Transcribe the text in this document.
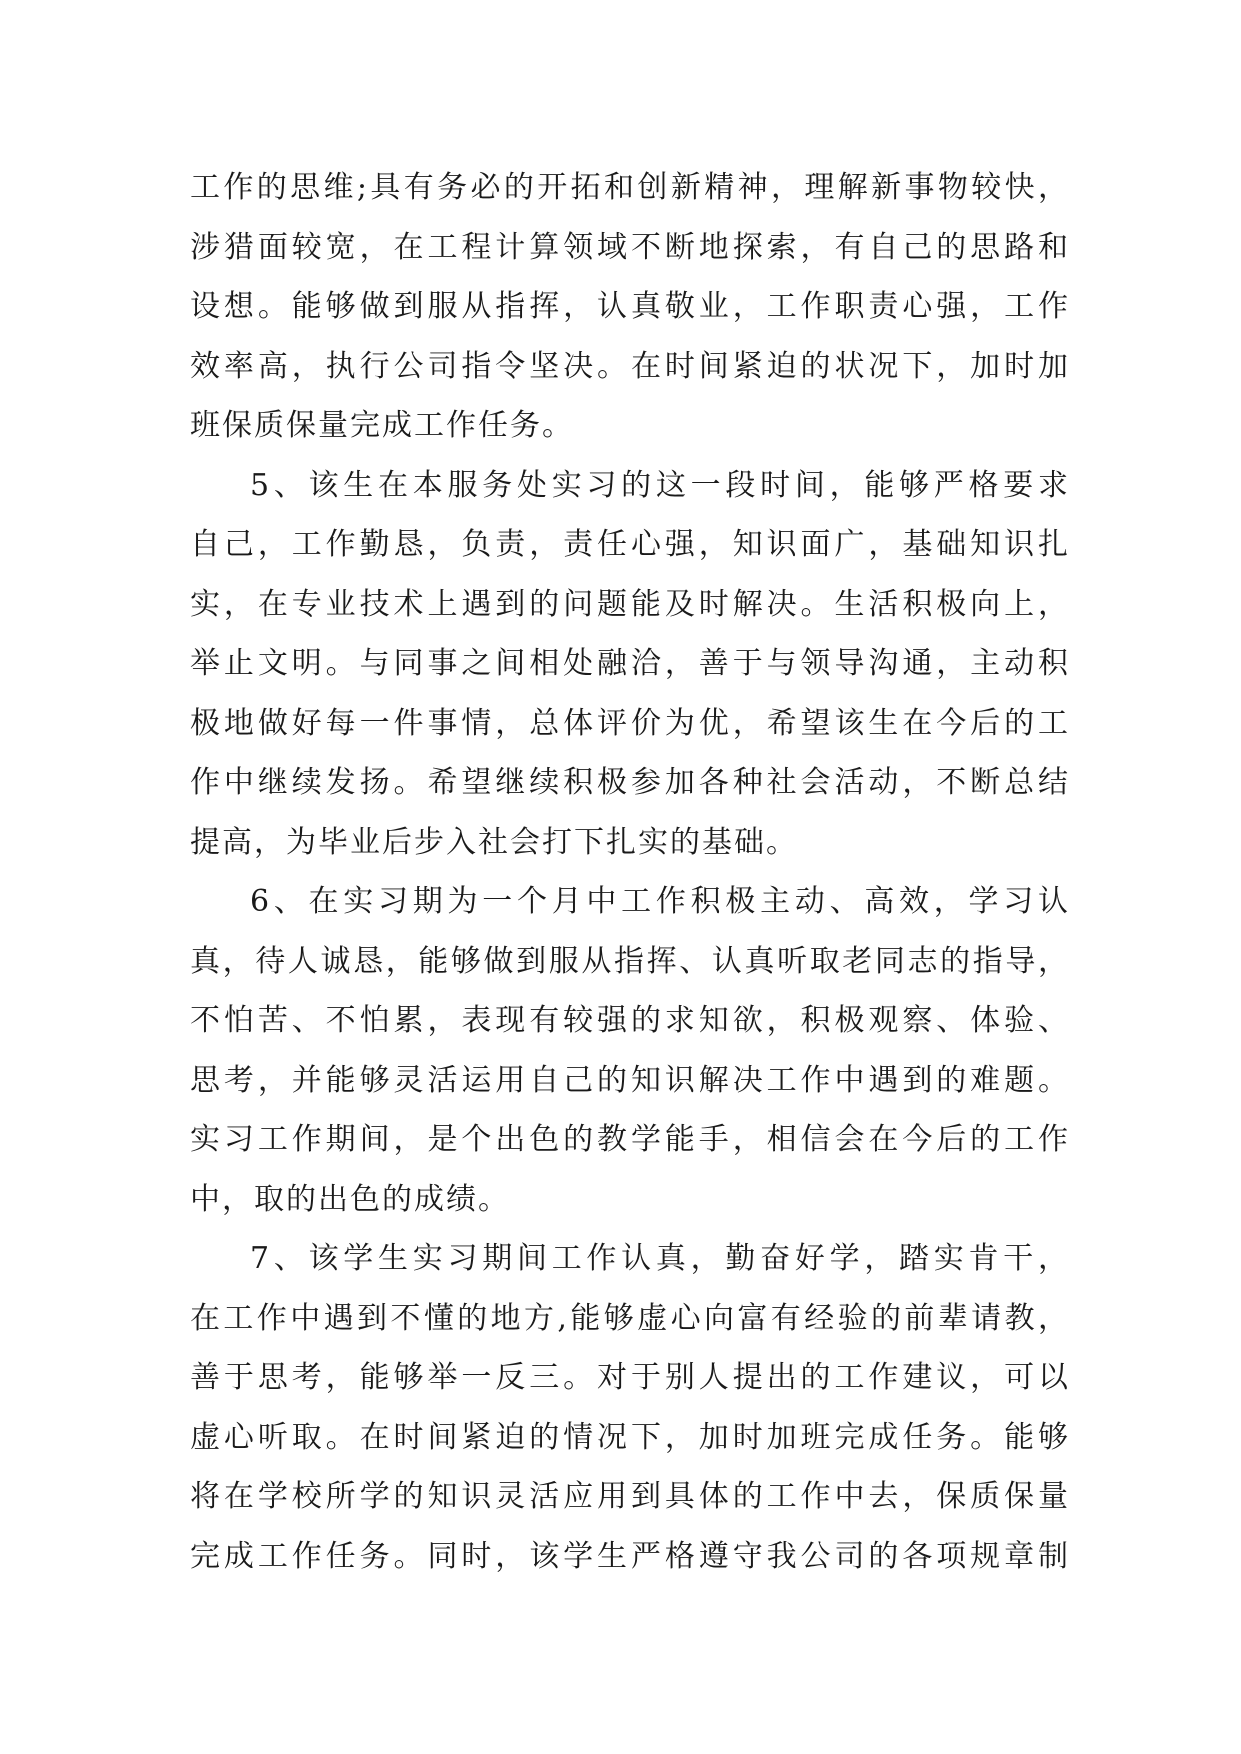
工作的思维;具有务必的开拓和创新精神，理解新事物较快，
涉猎面较宽，在工程计算领域不断地探索，有自己的思路和
设想。能够做到服从指挥，认真敬业，工作职责心强，工作
效率高，执行公司指令坚决。在时间紧迫的状况下，加时加
班保质保量完成工作任务。
5、该生在本服务处实习的这一段时间，能够严格要求
自己，工作勤恳，负责，责任心强，知识面广，基础知识扎
实，在专业技术上遇到的问题能及时解决。生活积极向上，
举止文明。与同事之间相处融洽，善于与领导沟通，主动积
极地做好每一件事情，总体评价为优，希望该生在今后的工
作中继续发扬。希望继续积极参加各种社会活动，不断总结
提高，为毕业后步入社会打下扎实的基础。
6、在实习期为一个月中工作积极主动、高效，学习认
真，待人诚恳，能够做到服从指挥、认真听取老同志的指导，
不怕苦、不怕累，表现有较强的求知欲，积极观察、体验、
思考，并能够灵活运用自己的知识解决工作中遇到的难题。
实习工作期间，是个出色的教学能手，相信会在今后的工作
中，取的出色的成绩。
7、该学生实习期间工作认真，勤奋好学，踏实肯干，
在工作中遇到不懂的地方,能够虚心向富有经验的前辈请教，
善于思考，能够举一反三。对于别人提出的工作建议，可以
虚心听取。在时间紧迫的情况下，加时加班完成任务。能够
将在学校所学的知识灵活应用到具体的工作中去，保质保量
完成工作任务。同时，该学生严格遵守我公司的各项规章制
